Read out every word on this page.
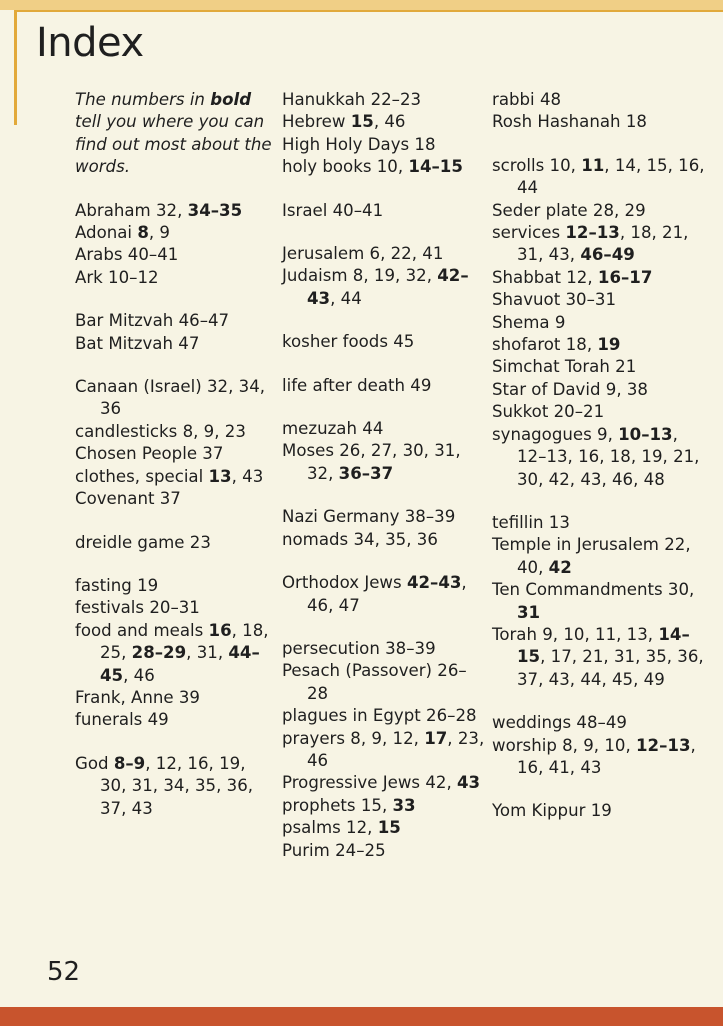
Index

The numbers in bold tell you where you can find out most about the words.

Abraham 32, 34–35

Adonai 8, 9

Arabs 40–41

Ark 10–12

Bar Mitzvah 46–47

Bat Mitzvah 47

Canaan (Israel) 32, 34, 36

candlesticks 8, 9, 23

Chosen People 37

clothes, special 13, 43

Covenant 37

dreidle game 23

fasting 19

festivals 20–31

food and meals 16, 18, 25, 28–29, 31, 44–45, 46

Frank, Anne 39

funerals 49

God 8–9, 12, 16, 19, 30, 31, 34, 35, 36, 37, 43

Hanukkah 22–23

Hebrew 15, 46

High Holy Days 18

holy books 10, 14–15

Israel 40–41

Jerusalem 6, 22, 41

Judaism 8, 19, 32, 42–43, 44

kosher foods 45

life after death 49

mezuzah 44

Moses 26, 27, 30, 31, 32, 36–37

Nazi Germany 38–39

nomads 34, 35, 36

Orthodox Jews 42–43, 46, 47

persecution 38–39

Pesach (Passover) 26–28

plagues in Egypt 26–28

prayers 8, 9, 12, 17, 23, 46

Progressive Jews 42, 43

prophets 15, 33

psalms 12, 15

Purim 24–25

rabbi 48

Rosh Hashanah 18

scrolls 10, 11, 14, 15, 16, 44

Seder plate 28, 29

services 12–13, 18, 21, 31, 43, 46–49

Shabbat 12, 16–17

Shavuot 30–31

Shema 9

shofarot 18, 19

Simchat Torah 21

Star of David 9, 38

Sukkot 20–21

synagogues 9, 10–13, 12–13, 16, 18, 19, 21, 30, 42, 43, 46, 48

tefillin 13

Temple in Jerusalem 22, 40, 42

Ten Commandments 30, 31

Torah 9, 10, 11, 13, 14–15, 17, 21, 31, 35, 36, 37, 43, 44, 45, 49

weddings 48–49

worship 8, 9, 10, 12–13, 16, 41, 43

Yom Kippur 19

52
